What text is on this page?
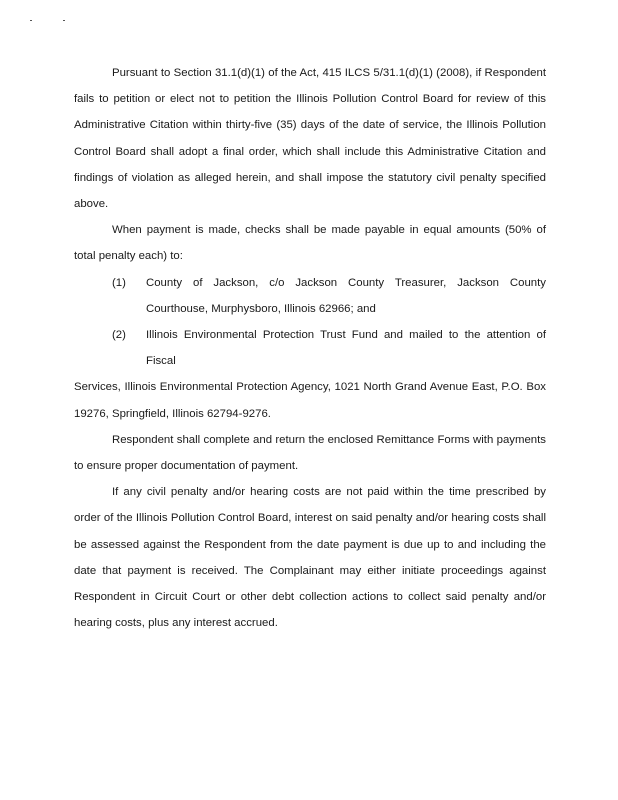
Pursuant to Section 31.1(d)(1) of the Act, 415 ILCS 5/31.1(d)(1) (2008), if Respondent fails to petition or elect not to petition the Illinois Pollution Control Board for review of this Administrative Citation within thirty-five (35) days of the date of service, the Illinois Pollution Control Board shall adopt a final order, which shall include this Administrative Citation and findings of violation as alleged herein, and shall impose the statutory civil penalty specified above.

When payment is made, checks shall be made payable in equal amounts (50% of total penalty each) to:

(1)	County of Jackson, c/o Jackson County Treasurer, Jackson County Courthouse, Murphysboro, Illinois 62966; and
(2)	Illinois Environmental Protection Trust Fund and mailed to the attention of Fiscal

Services, Illinois Environmental Protection Agency, 1021 North Grand Avenue East, P.O. Box 19276, Springfield, Illinois 62794-9276.

Respondent shall complete and return the enclosed Remittance Forms with payments to ensure proper documentation of payment.

If any civil penalty and/or hearing costs are not paid within the time prescribed by order of the Illinois Pollution Control Board, interest on said penalty and/or hearing costs shall be assessed against the Respondent from the date payment is due up to and including the date that payment is received. The Complainant may either initiate proceedings against Respondent in Circuit Court or other debt collection actions to collect said penalty and/or hearing costs, plus any interest accrued.
